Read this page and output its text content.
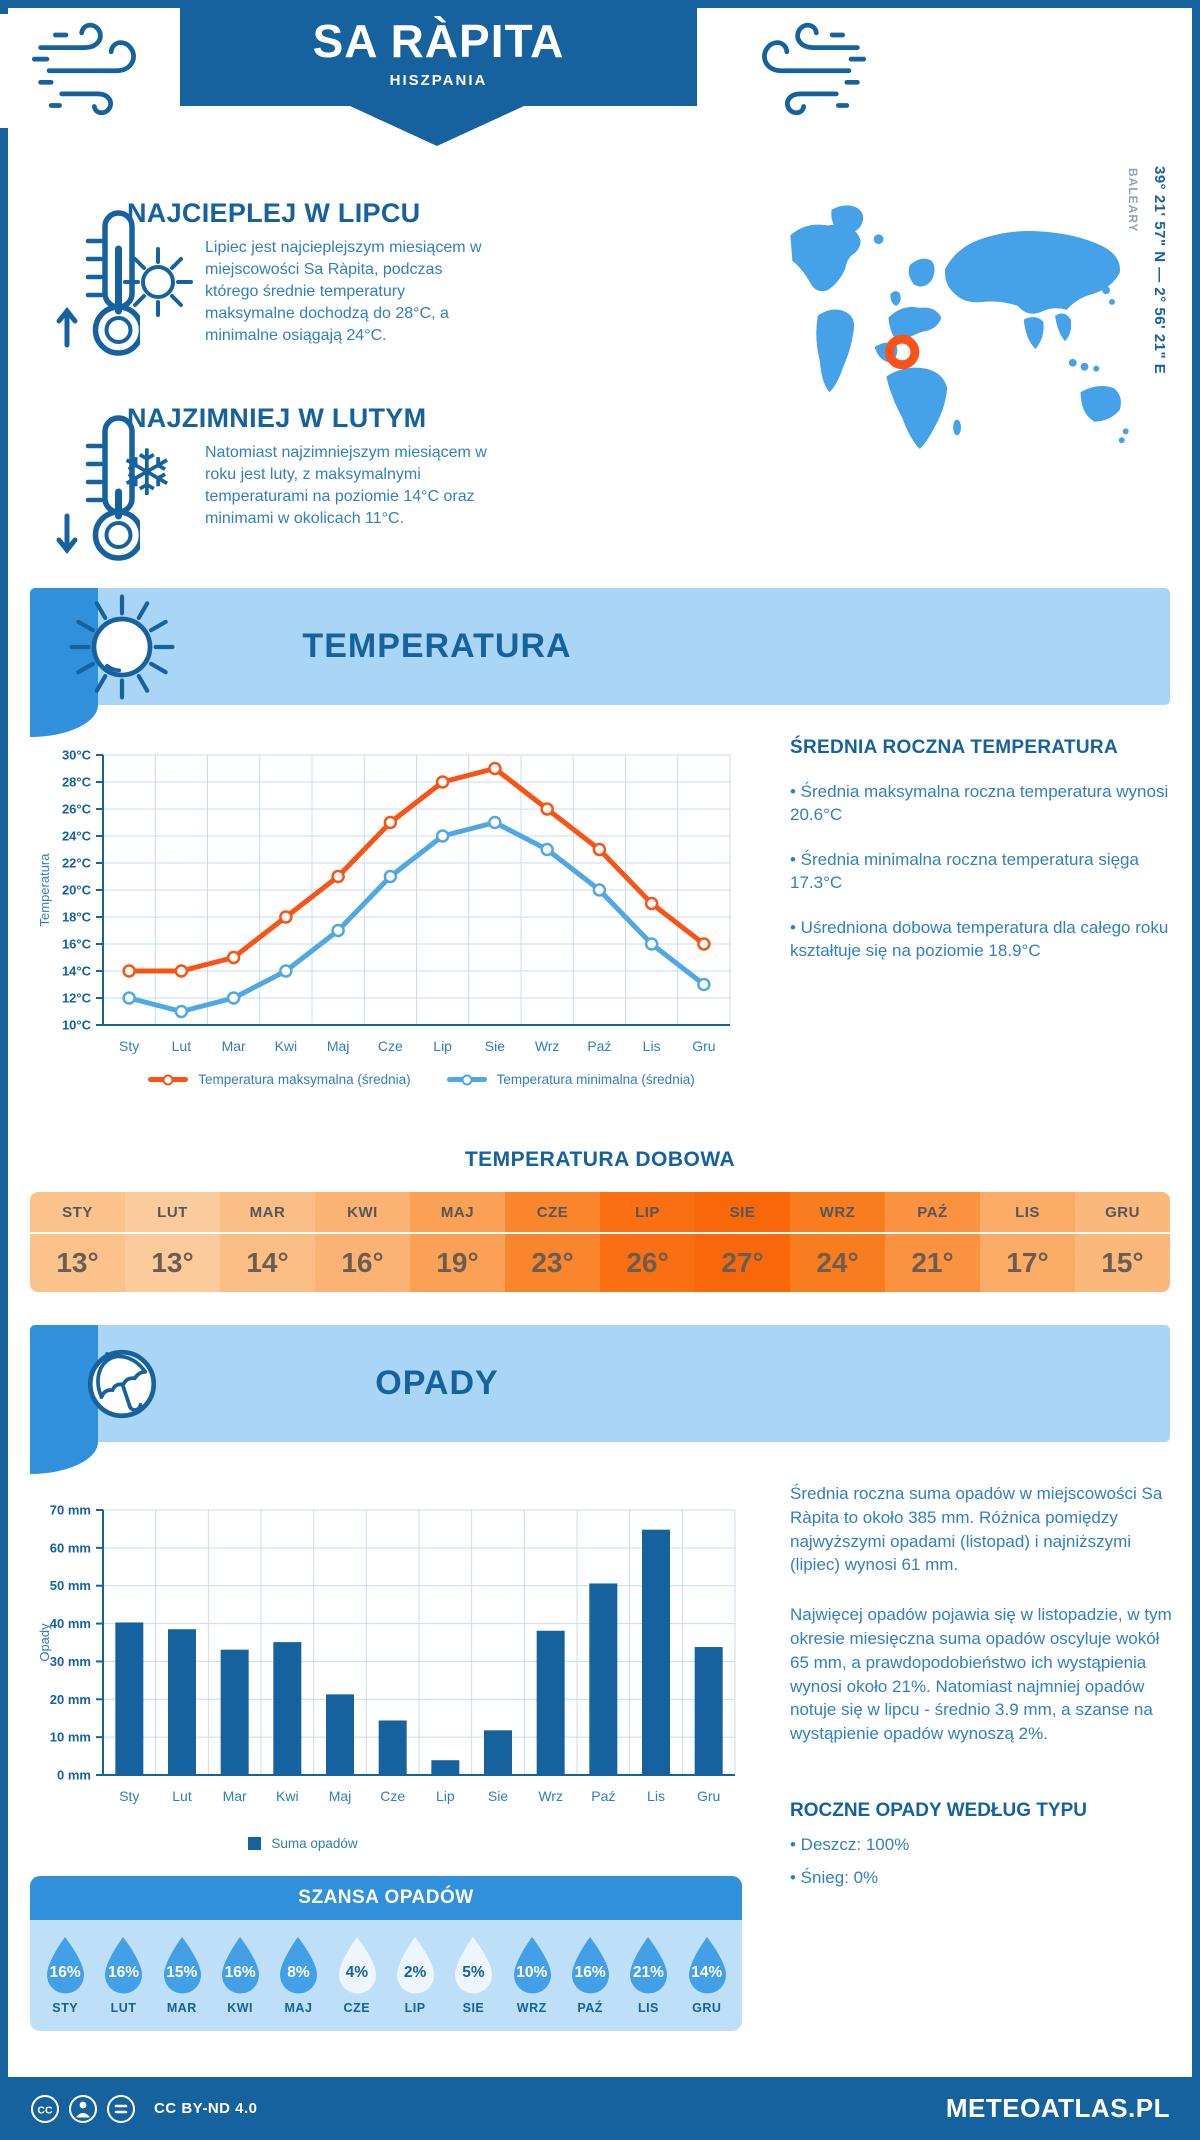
SA RÀPITA
HISZPANIA
39° 21' 57" N — 2° 56' 21" E
BALEARY
NAJCIEPLEJ W LIPCU
Lipiec jest najcieplejszym miesiącem w miejscowości Sa Ràpita, podczas którego średnie temperatury maksymalne dochodzą do 28°C, a minimalne osiągają 24°C.
NAJZIMNIEJ W LUTYM
❄ Natomiast najzimniejszym miesiącem w roku jest luty, z maksymalnymi temperaturami na poziomie 14°C oraz minimami w okolicach 11°C.
TEMPERATURA
10°C
12°C
14°C
16°C
18°C
20°C
22°C
24°C
26°C
28°C
30°C
Sty Lut Mar Kwi Maj Cze Lip Sie Wrz Paź Lis Gru
Temperatura
Temperatura maksymalna (średnia)	Temperatura minimalna (średnia)
ŚREDNIA ROCZNA TEMPERATURA
• Średnia maksymalna roczna temperatura wynosi 20.6°C
• Średnia minimalna roczna temperatura sięga 17.3°C
• Uśredniona dobowa temperatura dla całego roku kształtuje się na poziomie 18.9°C
TEMPERATURA DOBOWA
STY
13°
LUT
13°
MAR
14°
KWI
16°
MAJ
19°
CZE
23°
LIP
26°
SIE
27°
WRZ
24°
PAŹ
21°
LIS
17°
GRU
15°
OPADY
0 mm
10 mm
20 mm
30 mm
40 mm
50 mm
60 mm
70 mm
Sty Lut Mar Kwi Maj Cze Lip Sie Wrz Paź Lis Gru
Opady
Suma opadów

Średnia roczna suma opadów w miejscowości Sa Ràpita to około 385 mm. Różnica pomiędzy najwyższymi opadami (listopad) i najniższymi (lipiec) wynosi 61 mm.

Najwięcej opadów pojawia się w listopadzie, w tym okresie miesięczna suma opadów oscyluje wokół 65 mm, a prawdopodobieństwo ich wystąpienia wynosi około 21%. Natomiast najmniej opadów notuje się w lipcu - średnio 3.9 mm, a szanse na wystąpienie opadów wynoszą 2%.

ROCZNE OPADY WEDŁUG TYPU
• Deszcz: 100%
• Śnieg: 0%
SZANSA OPADÓW
16%
STY
16%
LUT
15%
MAR
16%
KWI
8%
MAJ
4%
CZE
2%
LIP
5%
SIE
10%
WRZ
16%
PAŹ
21%
LIS
14%
GRU
CC	CC BY-ND 4.0	METEOATLAS.PL
